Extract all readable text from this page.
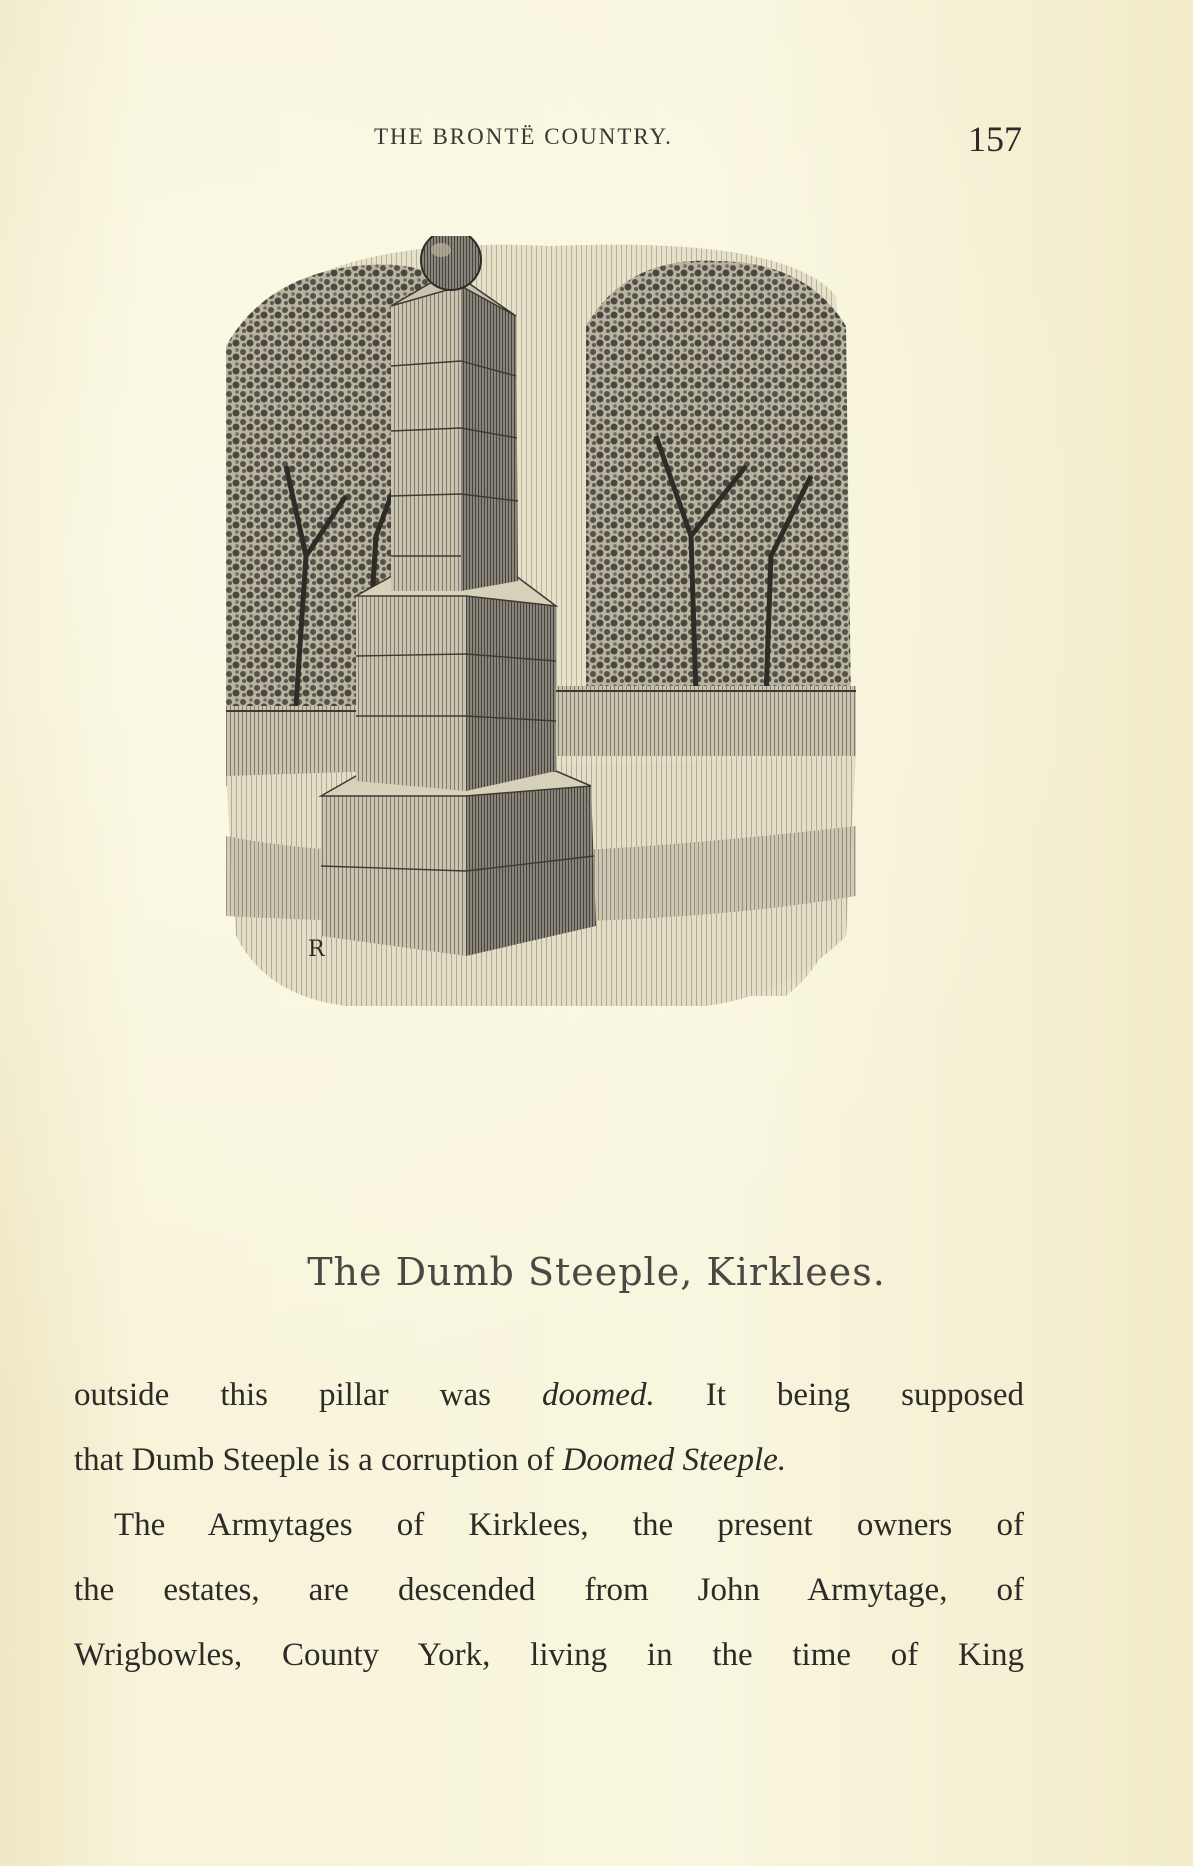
THE BRONTË COUNTRY.	157
R
The Dumb Steeple, Kirklees.
outside this pillar was doomed. It being supposed
that Dumb Steeple is a corruption of Doomed Steeple.
The Armytages of Kirklees, the present owners of
the estates, are descended from John Armytage, of
Wrigbowles, County York, living in the time of King
